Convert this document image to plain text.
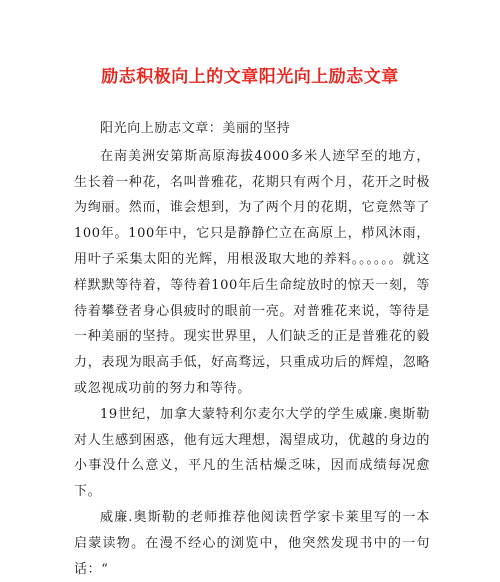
励志积极向上的文章阳光向上励志文章

阳光向上励志文章：美丽的坚持

在南美洲安第斯高原海拔4000多米人迹罕至的地方，生长着一种花，名叫普雅花，花期只有两个月，花开之时极为绚丽。然而，谁会想到，为了两个月的花期，它竟然等了100年。100年中，它只是静静伫立在高原上，栉风沐雨，用叶子采集太阳的光辉，用根汲取大地的养料。。。。。。就这样默默等待着，等待着100年后生命绽放时的惊天一刻，等待着攀登者身心俱疲时的眼前一亮。对普雅花来说，等待是一种美丽的坚持。现实世界里，人们缺乏的正是普雅花的毅力，表现为眼高手低，好高骛远，只重成功后的辉煌，忽略或忽视成功前的努力和等待。

19世纪，加拿大蒙特利尔麦尔大学的学生威廉.奥斯勒对人生感到困惑，他有远大理想，渴望成功，优越的身边的小事没什么意义，平凡的生活枯燥乏味，因而成绩每况愈下。

威廉.奥斯勒的老师推荐他阅读哲学家卡莱里写的一本启蒙读物。在漫不经心的浏览中，他突然发现书中的一句话：“
